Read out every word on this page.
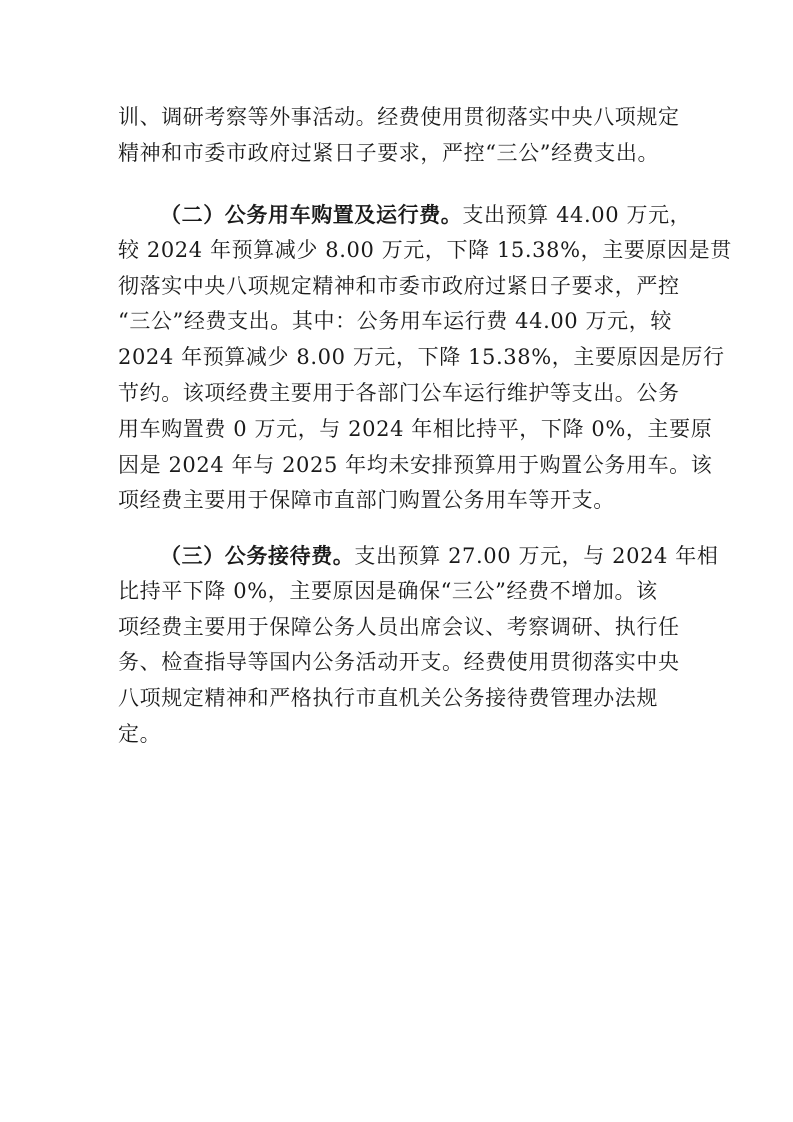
训、调研考察等外事活动。经费使用贯彻落实中央八项规定
精神和市委市政府过紧日子要求，严控“三公”经费支出。
（二）公务用车购置及运行费。支出预算 44.00 万元，
较 2024 年预算减少 8.00 万元，下降 15.38%，主要原因是贯
彻落实中央八项规定精神和市委市政府过紧日子要求，严控
“三公”经费支出。其中：公务用车运行费 44.00 万元，较
2024 年预算减少 8.00 万元，下降 15.38%，主要原因是厉行
节约。该项经费主要用于各部门公车运行维护等支出。公务
用车购置费 0 万元，与 2024 年相比持平，下降 0%，主要原
因是 2024 年与 2025 年均未安排预算用于购置公务用车。该
项经费主要用于保障市直部门购置公务用车等开支。
（三）公务接待费。支出预算 27.00 万元，与 2024 年相
比持平下降 0%，主要原因是确保“三公”经费不增加。该
项经费主要用于保障公务人员出席会议、考察调研、执行任
务、检查指导等国内公务活动开支。经费使用贯彻落实中央
八项规定精神和严格执行市直机关公务接待费管理办法规
定。
